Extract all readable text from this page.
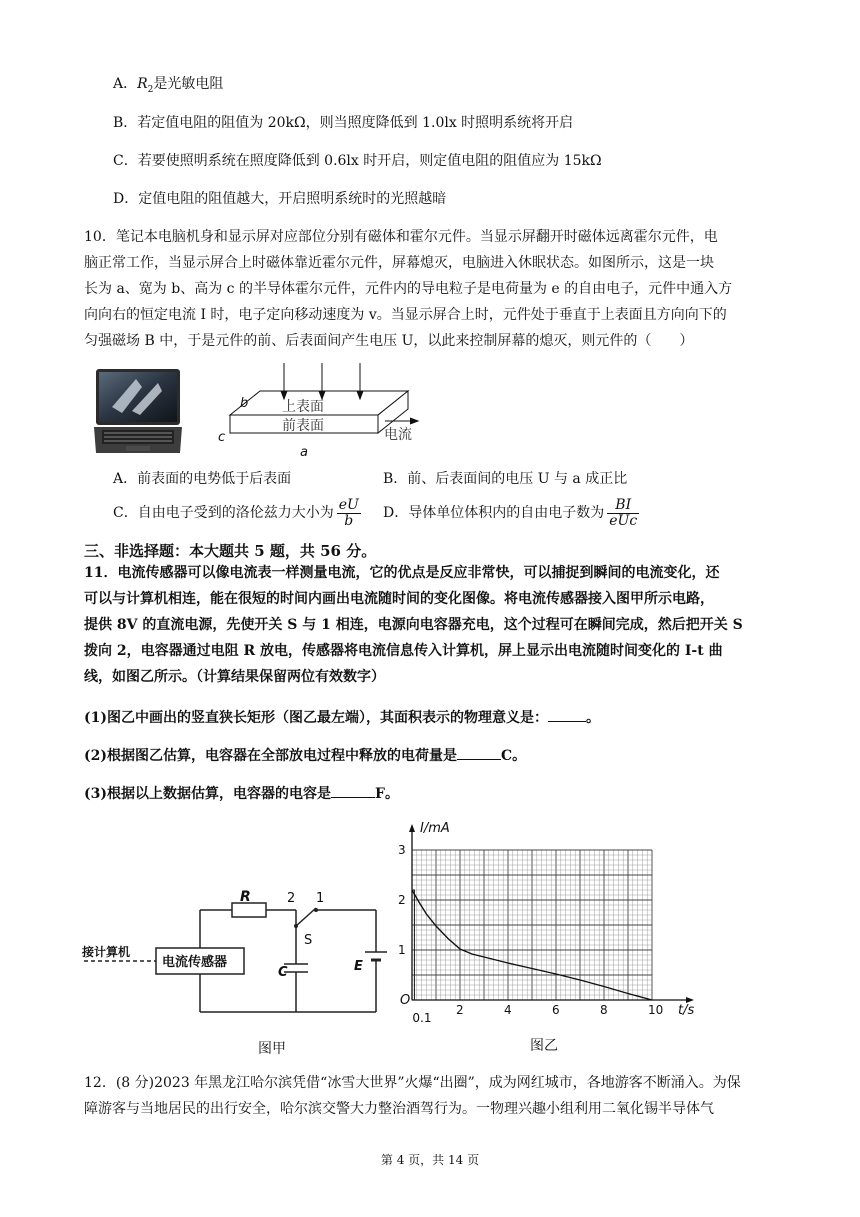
A．$R_2$是光敏电阻
B．若定值电阻的阻值为 20kΩ，则当照度降低到 1.0lx 时照明系统将开启
C．若要使照明系统在照度降低到 0.6lx 时开启，则定值电阻的阻值应为 15kΩ
D．定值电阻的阻值越大，开启照明系统时的光照越暗
10．笔记本电脑机身和显示屏对应部位分别有磁体和霍尔元件。当显示屏翻开时磁体远离霍尔元件，电
脑正常工作，当显示屏合上时磁体靠近霍尔元件，屏幕熄灭，电脑进入休眠状态。如图所示，这是一块
长为 a、宽为 b、高为 c 的半导体霍尔元件，元件内的导电粒子是电荷量为 e 的自由电子，元件中通入方
向向右的恒定电流 I 时，电子定向移动速度为 v。当显示屏合上时，元件处于垂直于上表面且方向向下的
匀强磁场 B 中，于是元件的前、后表面间产生电压 U，以此来控制屏幕的熄灭，则元件的（　　）
b
c
a
上表面
前表面
电流
A．前表面的电势低于后表面	B．前、后表面间的电压 U 与 a 成正比
C．自由电子受到的洛伦兹力大小为 $\frac{eU}{b}$ D．导体单位体积内的自由电子数为 $\frac{BI}{\text{eUc}}$
三、非选择题：本大题共 5 题，共 56 分。
11．电流传感器可以像电流表一样测量电流，它的优点是反应非常快，可以捕捉到瞬间的电流变化，还
可以与计算机相连，能在很短的时间内画出电流随时间的变化图像。将电流传感器接入图甲所示电路，
提供 8V 的直流电源，先使开关 S 与 1 相连，电源向电容器充电，这个过程可在瞬间完成，然后把开关 S
拨向 2，电容器通过电阻 R 放电，传感器将电流信息传入计算机，屏上显示出电流随时间变化的 I-t 曲
线，如图乙所示。（计算结果保留两位有效数字）
(1)图乙中画出的竖直狭长矩形（图乙最左端），其面积表示的物理意义是：	。
(2)根据图乙估算，电容器在全部放电过程中释放的电荷量是	C。
(3)根据以上数据估算，电容器的电容是	F。
R	2 1
S
C	E
接计算机
电流传感器
图甲
0.1
2	4	6	8	10
1
2
3
I/mA
t/s
O
图乙
12．(8 分)2023 年黑龙江哈尔滨凭借“冰雪大世界”火爆“出圈”，成为网红城市，各地游客不断涌入。为保
障游客与当地居民的出行安全，哈尔滨交警大力整治酒驾行为。一物理兴趣小组利用二氧化锡半导体气
第 4 页，共 14 页
